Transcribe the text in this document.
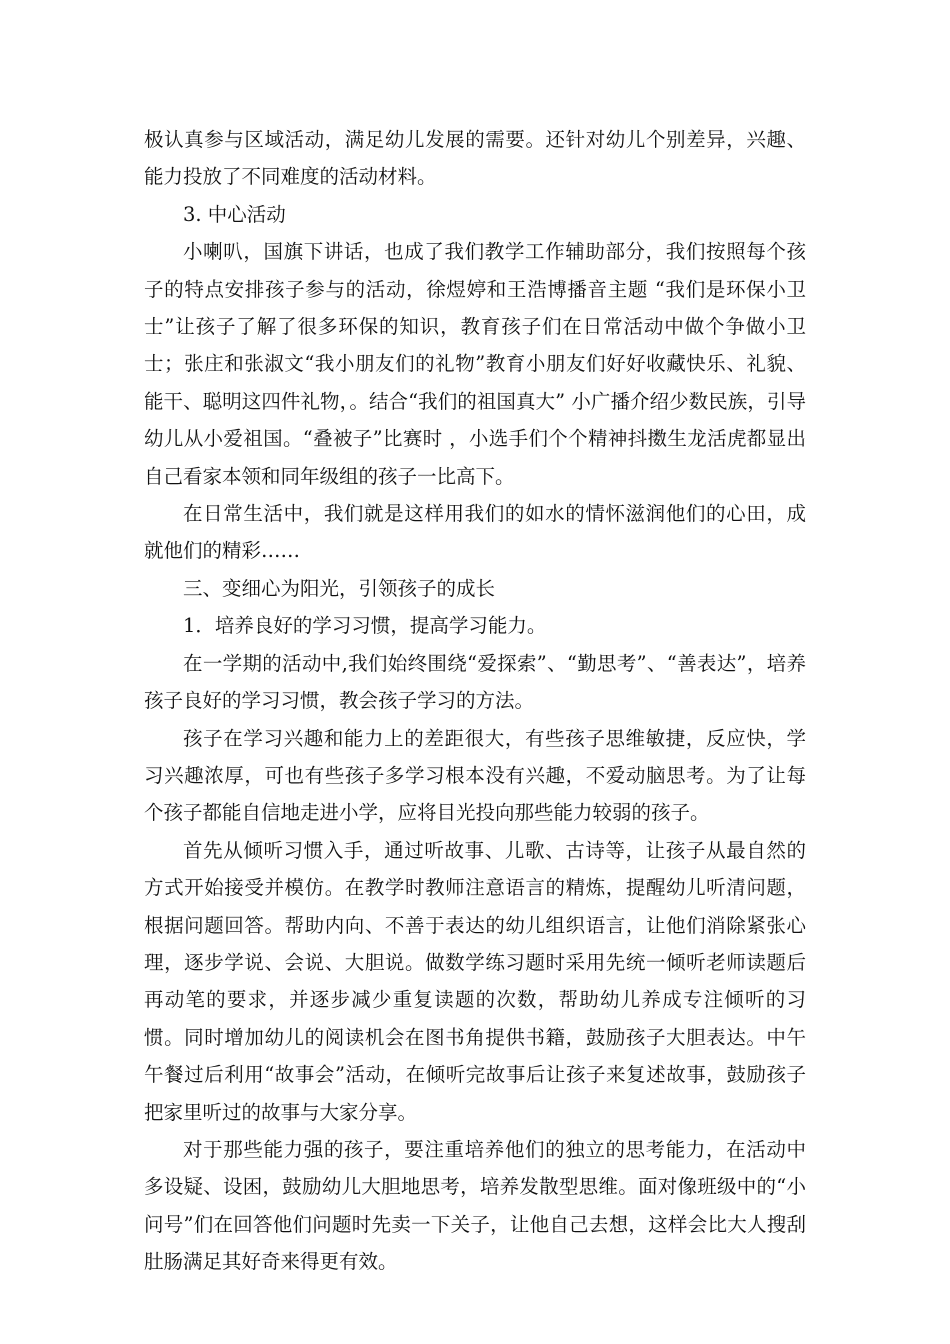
极认真参与区域活动，满足幼儿发展的需要。还针对幼儿个别差异，兴趣、能力投放了不同难度的活动材料。

3. 中心活动

小喇叭，国旗下讲话，也成了我们教学工作辅助部分，我们按照每个孩子的特点安排孩子参与的活动，徐煜婷和王浩博播音主题 “我们是环保小卫士”让孩子了解了很多环保的知识，教育孩子们在日常活动中做个争做小卫士；张庄和张淑文“我小朋友们的礼物”教育小朋友们好好收藏快乐、礼貌、能干、聪明这四件礼物，。结合“我们的祖国真大” 小广播介绍少数民族，引导幼儿从小爱祖国。“叠被子”比赛时 ，小选手们个个精神抖擞生龙活虎都显出自己看家本领和同年级组的孩子一比高下。

在日常生活中，我们就是这样用我们的如水的情怀滋润他们的心田，成就他们的精彩……

三、变细心为阳光，引领孩子的成长

1．培养良好的学习习惯，提高学习能力。

在一学期的活动中,我们始终围绕“爱探索”、“勤思考”、“善表达”，培养孩子良好的学习习惯，教会孩子学习的方法。

孩子在学习兴趣和能力上的差距很大，有些孩子思维敏捷，反应快，学习兴趣浓厚，可也有些孩子多学习根本没有兴趣，不爱动脑思考。为了让每个孩子都能自信地走进小学，应将目光投向那些能力较弱的孩子。

首先从倾听习惯入手，通过听故事、儿歌、古诗等，让孩子从最自然的方式开始接受并模仿。在教学时教师注意语言的精炼，提醒幼儿听清问题，根据问题回答。帮助内向、不善于表达的幼儿组织语言，让他们消除紧张心理，逐步学说、会说、大胆说。做数学练习题时采用先统一倾听老师读题后再动笔的要求，并逐步减少重复读题的次数，帮助幼儿养成专注倾听的习惯。同时增加幼儿的阅读机会在图书角提供书籍，鼓励孩子大胆表达。中午午餐过后利用“故事会”活动，在倾听完故事后让孩子来复述故事，鼓励孩子把家里听过的故事与大家分享。

对于那些能力强的孩子，要注重培养他们的独立的思考能力，在活动中多设疑、设困，鼓励幼儿大胆地思考，培养发散型思维。面对像班级中的“小问号”们在回答他们问题时先卖一下关子，让他自己去想，这样会比大人搜刮肚肠满足其好奇来得更有效。
